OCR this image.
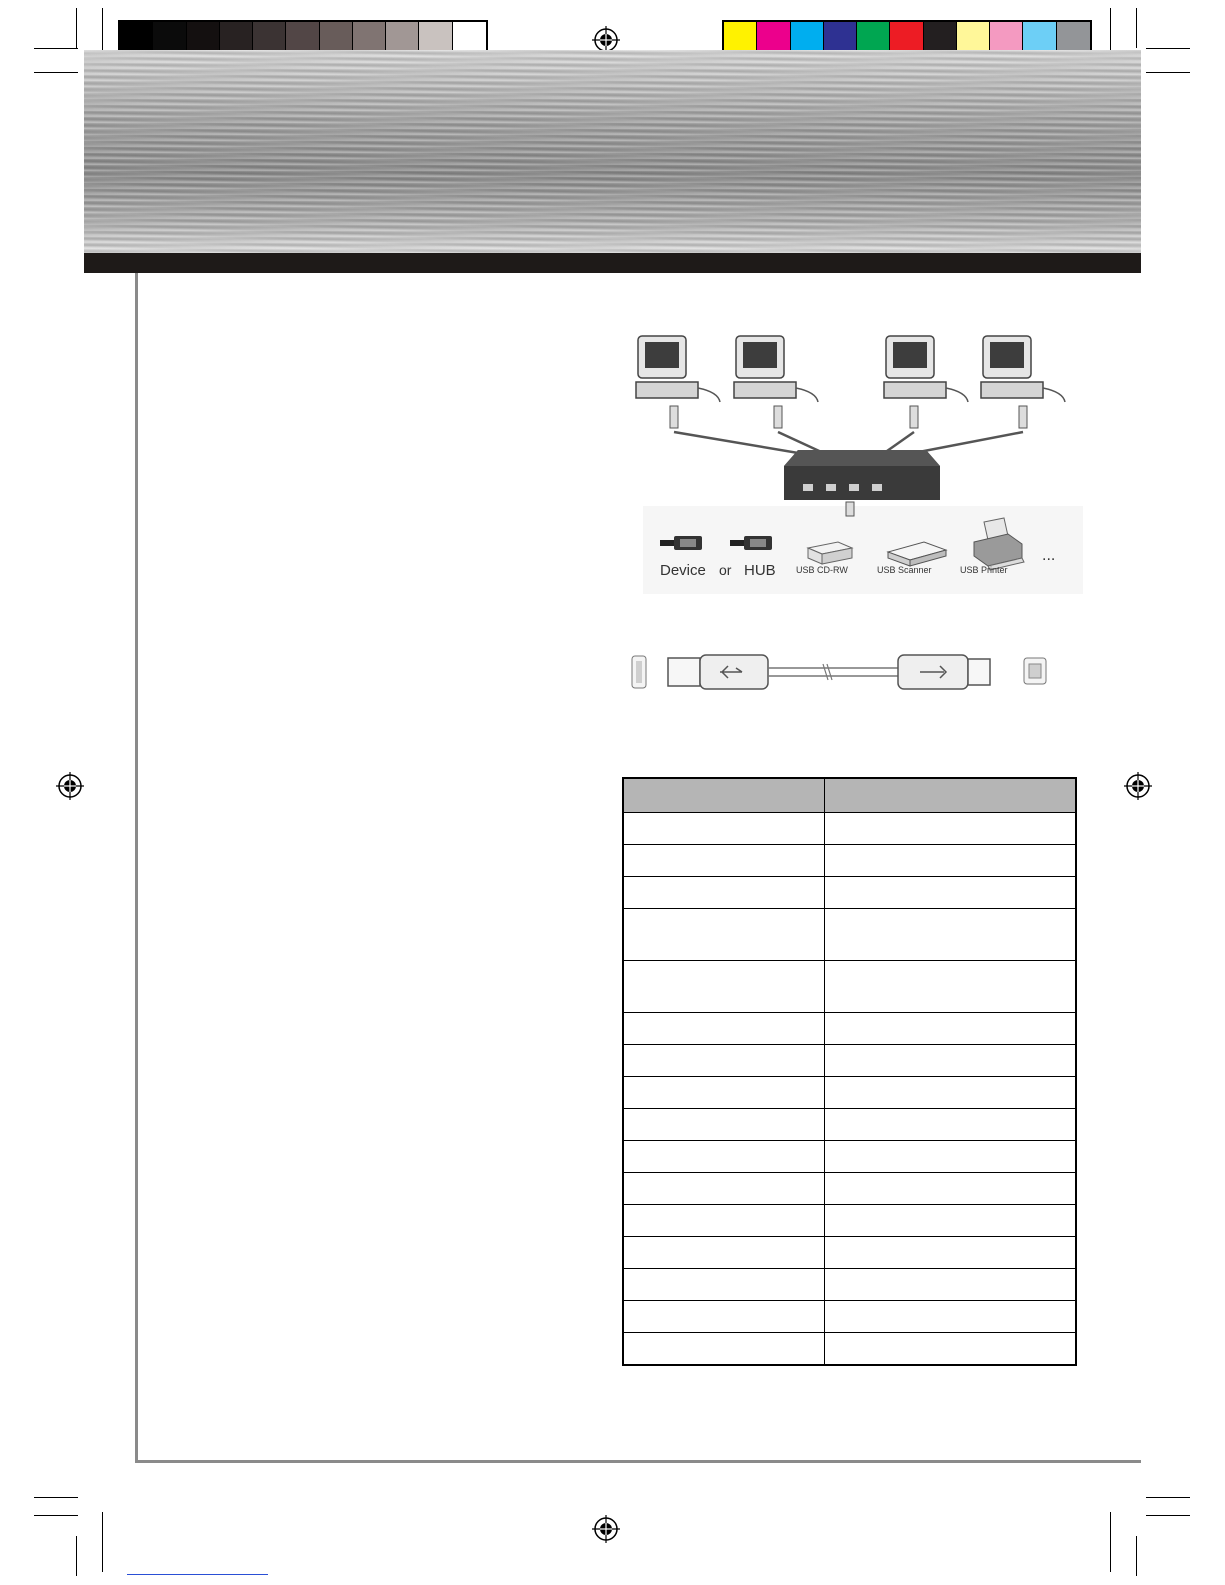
Device or HUB USB CD-RW	USB Scanner	USB Printer
...
